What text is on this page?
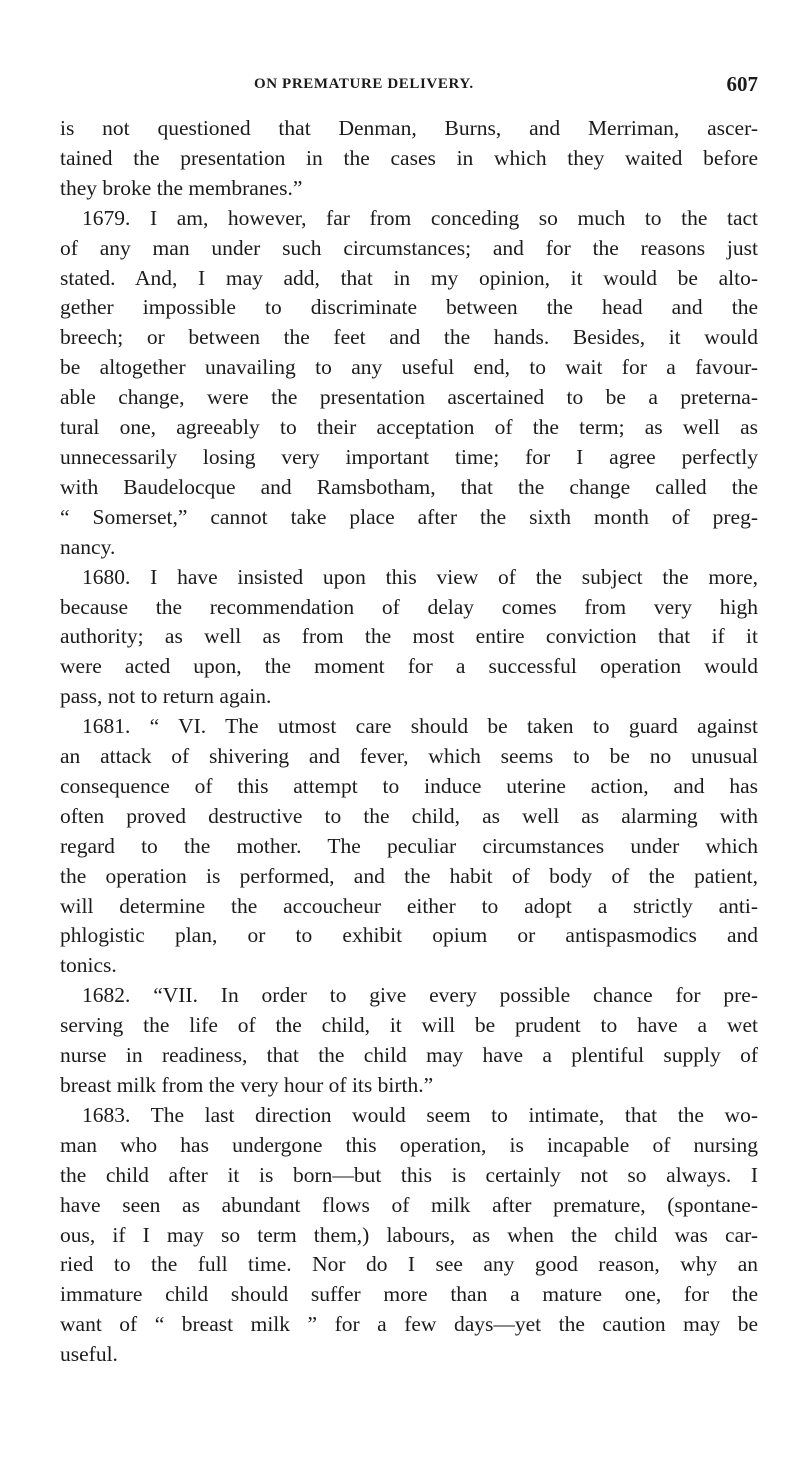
ON PREMATURE DELIVERY.	607
is not questioned that Denman, Burns, and Merriman, ascer-
tained the presentation in the cases in which they waited before
they broke the membranes.”
1679. I am, however, far from conceding so much to the tact
of any man under such circumstances; and for the reasons just
stated. And, I may add, that in my opinion, it would be alto-
gether impossible to discriminate between the head and the
breech; or between the feet and the hands. Besides, it would
be altogether unavailing to any useful end, to wait for a favour-
able change, were the presentation ascertained to be a preterna-
tural one, agreeably to their acceptation of the term; as well as
unnecessarily losing very important time; for I agree perfectly
with Baudelocque and Ramsbotham, that the change called the
“ Somerset,” cannot take place after the sixth month of preg-
nancy.
1680. I have insisted upon this view of the subject the more,
because the recommendation of delay comes from very high
authority; as well as from the most entire conviction that if it
were acted upon, the moment for a successful operation would
pass, not to return again.
1681. “ VI. The utmost care should be taken to guard against
an attack of shivering and fever, which seems to be no unusual
consequence of this attempt to induce uterine action, and has
often proved destructive to the child, as well as alarming with
regard to the mother. The peculiar circumstances under which
the operation is performed, and the habit of body of the patient,
will determine the accoucheur either to adopt a strictly anti-
phlogistic plan, or to exhibit opium or antispasmodics and
tonics.
1682. “VII. In order to give every possible chance for pre-
serving the life of the child, it will be prudent to have a wet
nurse in readiness, that the child may have a plentiful supply of
breast milk from the very hour of its birth.”
1683. The last direction would seem to intimate, that the wo-
man who has undergone this operation, is incapable of nursing
the child after it is born—but this is certainly not so always. I
have seen as abundant flows of milk after premature, (spontane-
ous, if I may so term them,) labours, as when the child was car-
ried to the full time. Nor do I see any good reason, why an
immature child should suffer more than a mature one, for the
want of “ breast milk ” for a few days—yet the caution may be
useful.
